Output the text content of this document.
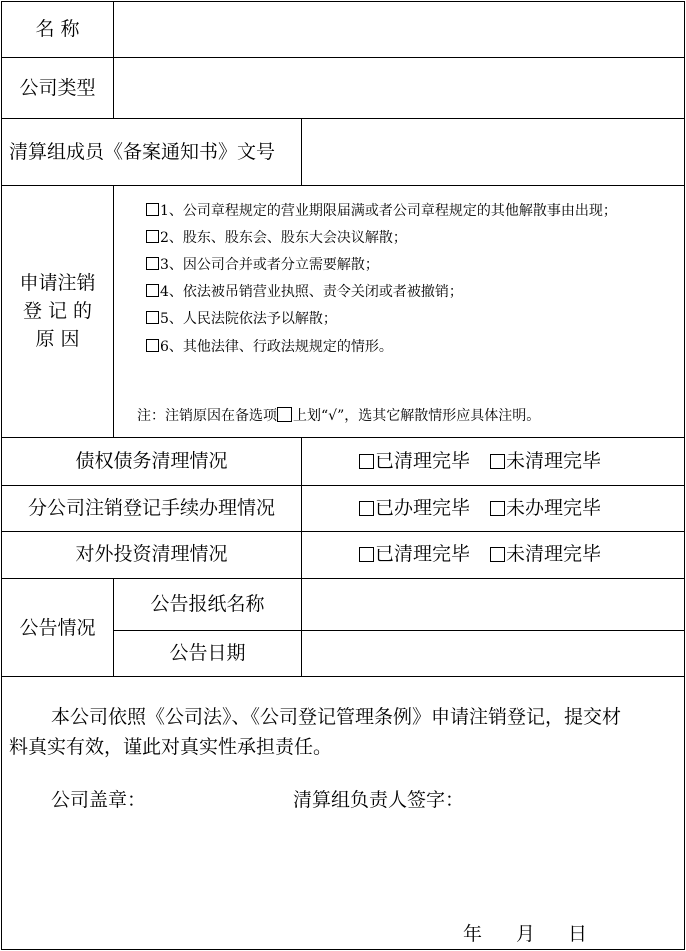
名 称
公司类型
清算组成员《备案通知书》文号
申请注销
登 记 的
原 因
1、公司章程规定的营业期限届满或者公司章程规定的其他解散事由出现；
2、股东、股东会、股东大会决议解散；
3、因公司合并或者分立需要解散；
4、依法被吊销营业执照、责令关闭或者被撤销；
5、人民法院依法予以解散；
6、其他法律、行政法规规定的情形。
注：注销原因在备选项 上划“√”，选其它解散情形应具体注明。
债权债务清理情况	已清理完毕 未清理完毕
分公司注销登记手续办理情况	已办理完毕 未办理完毕
对外投资清理情况	已清理完毕 未清理完毕
公告情况
公告报纸名称
公告日期
本公司依照《公司法》、《公司登记管理条例》申请注销登记，提交材
料真实有效，谨此对真实性承担责任。
公司盖章：	清算组负责人签字：
年 月 日
